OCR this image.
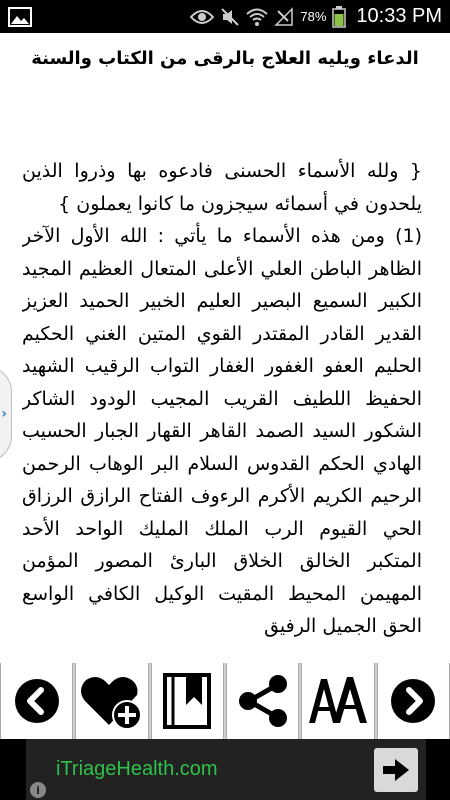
78% 10:33 PM
الدعاء ويليه العلاج بالرقى من الكتاب والسنة

{ ولله الأسماء الحسنى فادعوه بها وذروا الذين يلحدون في أسمائه سيجزون ما كانوا يعملون }

(1) ومن هذه الأسماء ما يأتي : الله الأول الآخر الظاهر الباطن العلي الأعلى المتعال العظيم المجيد الكبير السميع البصير العليم الخبير الحميد العزيز القدير القادر المقتدر القوي المتين الغني الحكيم الحليم العفو الغفور الغفار التواب الرقيب الشهيد الحفيظ اللطيف القريب المجيب الودود الشاكر الشكور السيد الصمد القاهر القهار الجبار الحسيب الهادي الحكم القدوس السلام البر الوهاب الرحمن الرحيم الكريم الأكرم الرءوف الفتاح الرازق الرزاق الحي القيوم الرب الملك المليك الواحد الأحد المتكبر الخالق الخلاق البارئ المصور المؤمن المهيمن المحيط المقيت الوكيل الكافي الواسع الحق الجميل الرفيق

›
iTriageHealth.com
i
